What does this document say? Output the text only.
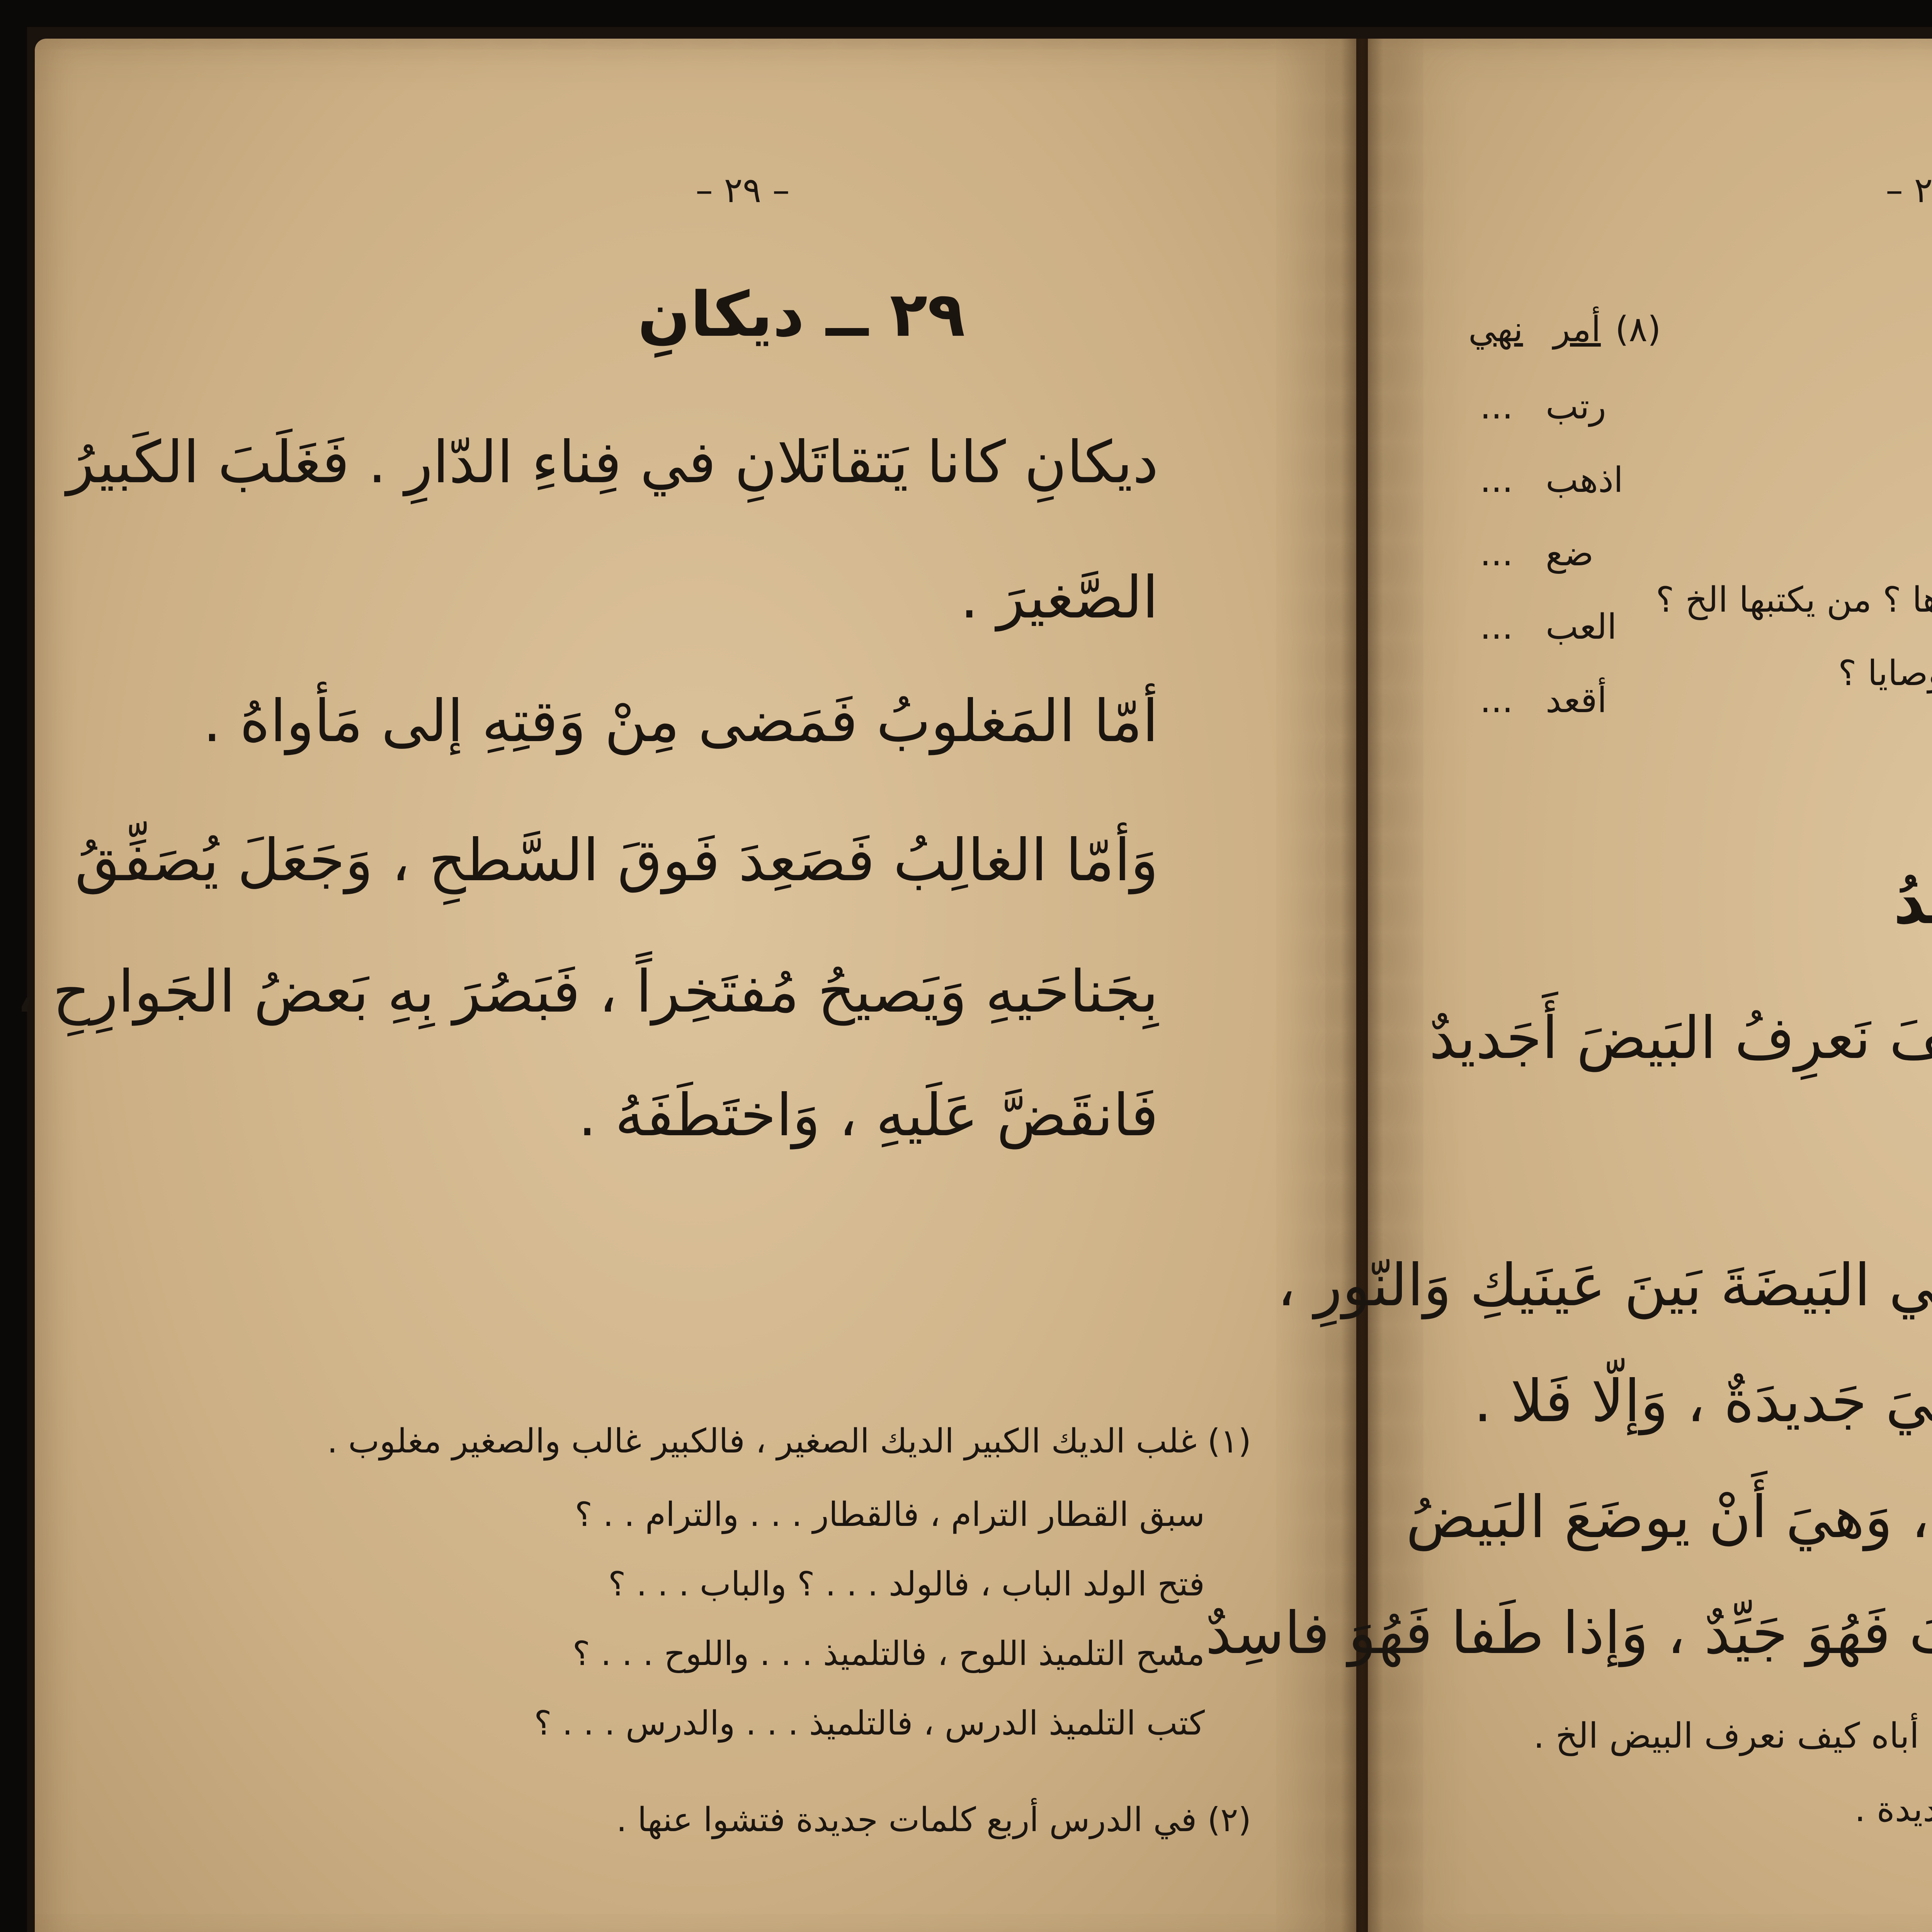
– ٢٩ –
٢٩ ــ ديكانِ
ديكانِ كانا يَتقاتَلانِ في فِناءِ الدّارِ . فَغَلَبَ الكَبيرُ
الصَّغيرَ .
أمّا المَغلوبُ فَمَضى مِنْ وَقتِهِ إلى مَأواهُ .
وَأمّا الغالِبُ فَصَعِدَ فَوقَ السَّطحِ ، وَجَعَلَ يُصَفِّقُ
بِجَناحَيهِ وَيَصيحُ مُفتَخِراً ، فَبَصُرَ بِهِ بَعضُ الجَوارِحِ ،
فَانقَضَّ عَلَيهِ ، وَاختَطَفَهُ .
(١) غلب الديك الكبير الديك الصغير ، فالكبير غالب والصغير مغلوب .
سبق القطار الترام ، فالقطار . . . والترام . . ؟
فتح الولد الباب ، فالولد . . . ؟ والباب . . . ؟
مسح التلميذ اللوح ، فالتلميذ . . . واللوح . . . ؟
كتب التلميذ الدرس ، فالتلميذ . . . والدرس . . . ؟
(٢) في الدرس أربع كلمات جديدة فتشوا عنها .
– ٢
ا ؟ من يكتبها الخ ؟
صايا ؟
(٨)
أمر
نهي
رتب
...
اذهب
...
ضع
...
العب
...
أقعد
...
دُ
فَ نَعرِفُ البَيضَ أَجَديدٌ
ي البَيضَةَ بَينَ عَينَيكِ وَالنّورِ ،
يَ جَديدَةٌ ، وَإلّا فَلا .
، وَهيَ أَنْ يوضَعَ البَيضُ
فَهُوَ جَيِّدٌ ، وَإذا طَفا فَهُوَ فاسِدٌ .
أباه كيف نعرف البيض الخ .
يدة .
